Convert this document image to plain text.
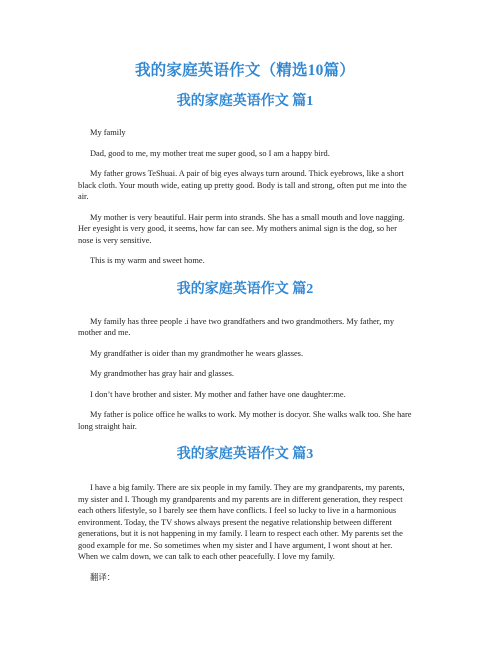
我的家庭英语作文（精选10篇）
我的家庭英语作文 篇1

My family

Dad, good to me, my mother treat me super good, so I am a happy bird.

My father grows TeShuai. A pair of big eyes always turn around. Thick eyebrows, like a short black cloth. Your mouth wide, eating up pretty good. Body is tall and strong, often put me into the air.

My mother is very beautiful. Hair perm into strands. She has a small mouth and love nagging. Her eyesight is very good, it seems, how far can see. My mothers animal sign is the dog, so her nose is very sensitive.

This is my warm and sweet home.

我的家庭英语作文 篇2

My family has three people .i have two grandfathers and two grandmothers. My father, my mother and me.

My grandfather is oider than my grandmother he wears glasses.

My grandmother has gray hair and glasses.

I don’t have brother and sister. My mother and father have one daughter:me.

My father is police office he walks to work. My mother is docyor. She walks walk too. She hare long straight hair.

我的家庭英语作文 篇3

I have a big family. There are six people in my family. They are my grandparents, my parents, my sister and I. Though my grandparents and my parents are in different generation, they respect each others lifestyle, so I barely see them have conflicts. I feel so lucky to live in a harmonious environment. Today, the TV shows always present the negative relationship between different generations, but it is not happening in my family. I learn to respect each other. My parents set the good example for me. So sometimes when my sister and I have argument, I wont shout at her. When we calm down, we can talk to each other peacefully. I love my family.

翻译：
